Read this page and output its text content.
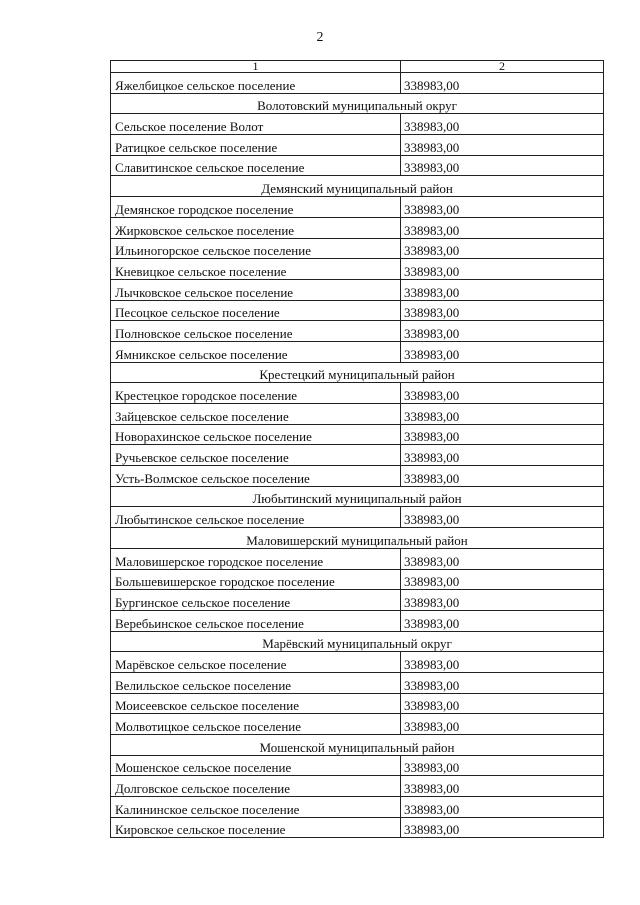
2
1	2
Яжелбицкое сельское поселение	338983,00
Волотовский муниципальный округ	
Сельское поселение Волот	338983,00
Ратицкое сельское поселение	338983,00
Славитинское сельское поселение	338983,00
Демянский муниципальный район	
Демянское городское поселение	338983,00
Жирковское сельское поселение	338983,00
Ильиногорское сельское поселение	338983,00
Кневицкое сельское поселение	338983,00
Лычковское сельское поселение	338983,00
Песоцкое сельское поселение	338983,00
Полновское сельское поселение	338983,00
Ямникское сельское поселение	338983,00
Крестецкий муниципальный район	
Крестецкое городское поселение	338983,00
Зайцевское сельское поселение	338983,00
Новорахинское сельское поселение	338983,00
Ручьевское сельское поселение	338983,00
Усть-Волмское сельское поселение	338983,00
Любытинский муниципальный район	
Любытинское сельское поселение	338983,00
Маловишерский муниципальный район	
Маловишерское городское поселение	338983,00
Большевишерское городское поселение	338983,00
Бургинское сельское поселение	338983,00
Веребьинское сельское поселение	338983,00
Марёвский муниципальный округ	
Марёвское сельское поселение	338983,00
Велильское сельское поселение	338983,00
Моисеевское сельское поселение	338983,00
Молвотицкое сельское поселение	338983,00
Мошенской муниципальный район	
Мошенское сельское поселение	338983,00
Долговское сельское поселение	338983,00
Калининское сельское поселение	338983,00
Кировское сельское поселение	338983,00
